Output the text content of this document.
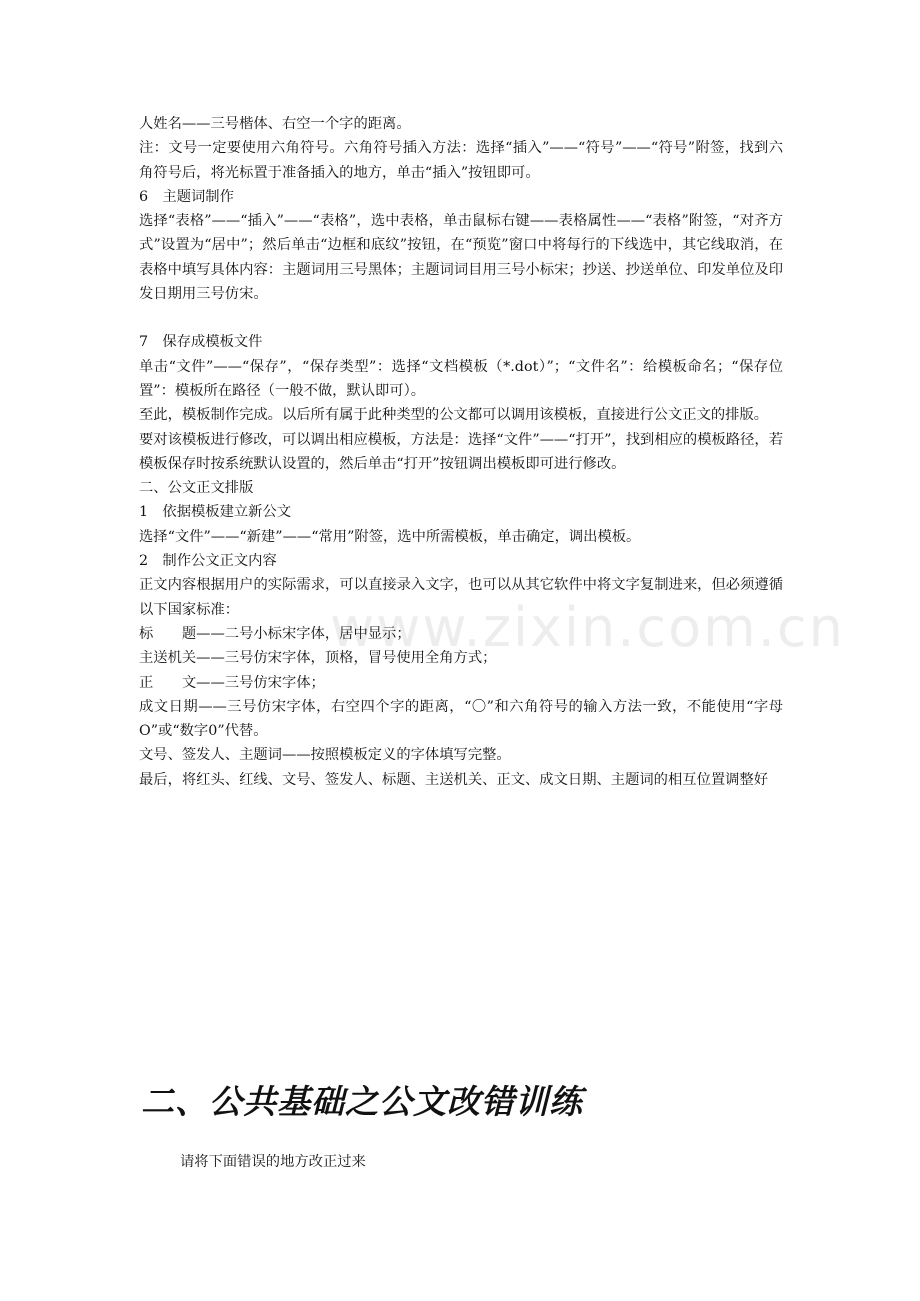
www.zixin.com.cn

人姓名——三号楷体、右空一个字的距离。

注：文号一定要使用六角符号。六角符号插入方法：选择“插入”——“符号”——“符号”附签，找到六角符号后，将光标置于准备插入的地方，单击“插入”按钮即可。

6　主题词制作

选择“表格”——“插入”——“表格”，选中表格，单击鼠标右键——表格属性——“表格”附签，“对齐方式”设置为“居中”；然后单击“边框和底纹”按钮，在“预览”窗口中将每行的下线选中，其它线取消，在表格中填写具体内容：主题词用三号黑体；主题词词目用三号小标宋；抄送、抄送单位、印发单位及印发日期用三号仿宋。

7　保存成模板文件

单击“文件”——“保存”，“保存类型”：选择“文档模板（*.dot）”；“文件名”：给模板命名；“保存位置”：模板所在路径（一般不做，默认即可）。

至此，模板制作完成。以后所有属于此种类型的公文都可以调用该模板，直接进行公文正文的排版。

要对该模板进行修改，可以调出相应模板，方法是：选择“文件”——“打开”，找到相应的模板路径，若模板保存时按系统默认设置的，然后单击“打开”按钮调出模板即可进行修改。

二、公文正文排版

1　依据模板建立新公文

选择“文件”——“新建”——“常用”附签，选中所需模板，单击确定，调出模板。

2　制作公文正文内容

正文内容根据用户的实际需求，可以直接录入文字，也可以从其它软件中将文字复制进来，但必须遵循以下国家标准：

标　　题——二号小标宋字体，居中显示；

主送机关——三号仿宋字体，顶格，冒号使用全角方式；

正　　文——三号仿宋字体；

成文日期——三号仿宋字体，右空四个字的距离，“〇”和六角符号的输入方法一致，不能使用“字母O”或“数字0”代替。

文号、签发人、主题词——按照模板定义的字体填写完整。

最后，将红头、红线、文号、签发人、标题、主送机关、正文、成文日期、主题词的相互位置调整好

二、公共基础之公文改错训练
请将下面错误的地方改正过来
